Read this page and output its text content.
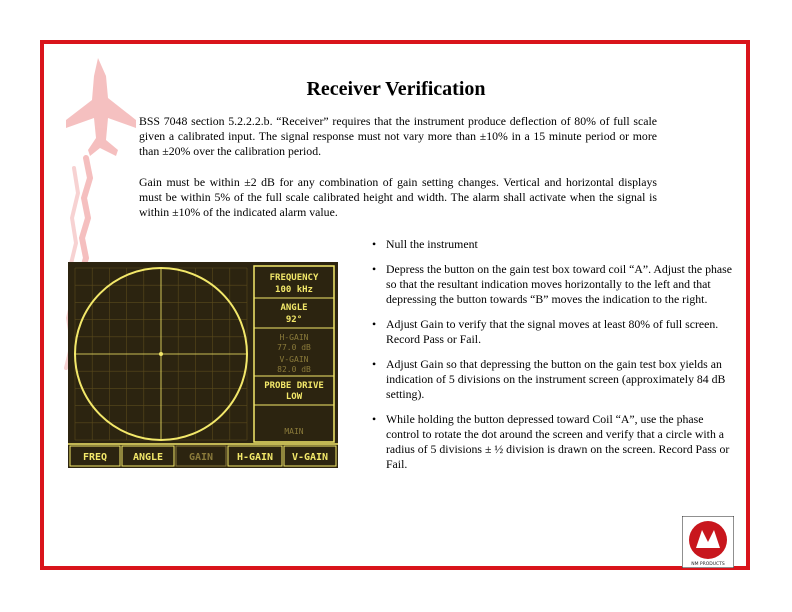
Receiver Verification
BSS 7048 section 5.2.2.2.b. “Receiver” requires that the instrument produce deflection of 80% of full scale given a calibrated input. The signal response must not vary more than ±10% in a 15 minute period or more than ±20% over the calibration period.
Gain must be within ±2 dB for any combination of gain setting changes. Vertical and horizontal displays must be within 5% of the full scale calibrated height and width. The alarm shall activate when the signal is within ±10% of the indicated alarm value.
• Null the instrument
• Depress the button on the gain test box toward coil “A”. Adjust the phase so that the resultant indication moves horizontally to the left and that depressing the button towards “B” moves the indication to the right.
• Adjust Gain to verify that the signal moves at least 80% of full screen. Record Pass or Fail.
• Adjust Gain so that depressing the button on the gain test box yields an indication of 5 divisions on the instrument screen (approximately 84 dB setting).
• While holding the button depressed toward Coil “A”, use the phase control to rotate the dot around the screen and verify that a circle with a radius of 5 divisions ± ½ division is drawn on the screen. Record Pass or Fail.
FREQUENCY
100 kHz
ANGLE
92°
H-GAIN
77.0 dB
V-GAIN
82.0 dB
PROBE DRIVE
LOW
MAIN
FREQ	ANGLE	GAIN H-GAIN V-GAIN
NM PRODUCTS
